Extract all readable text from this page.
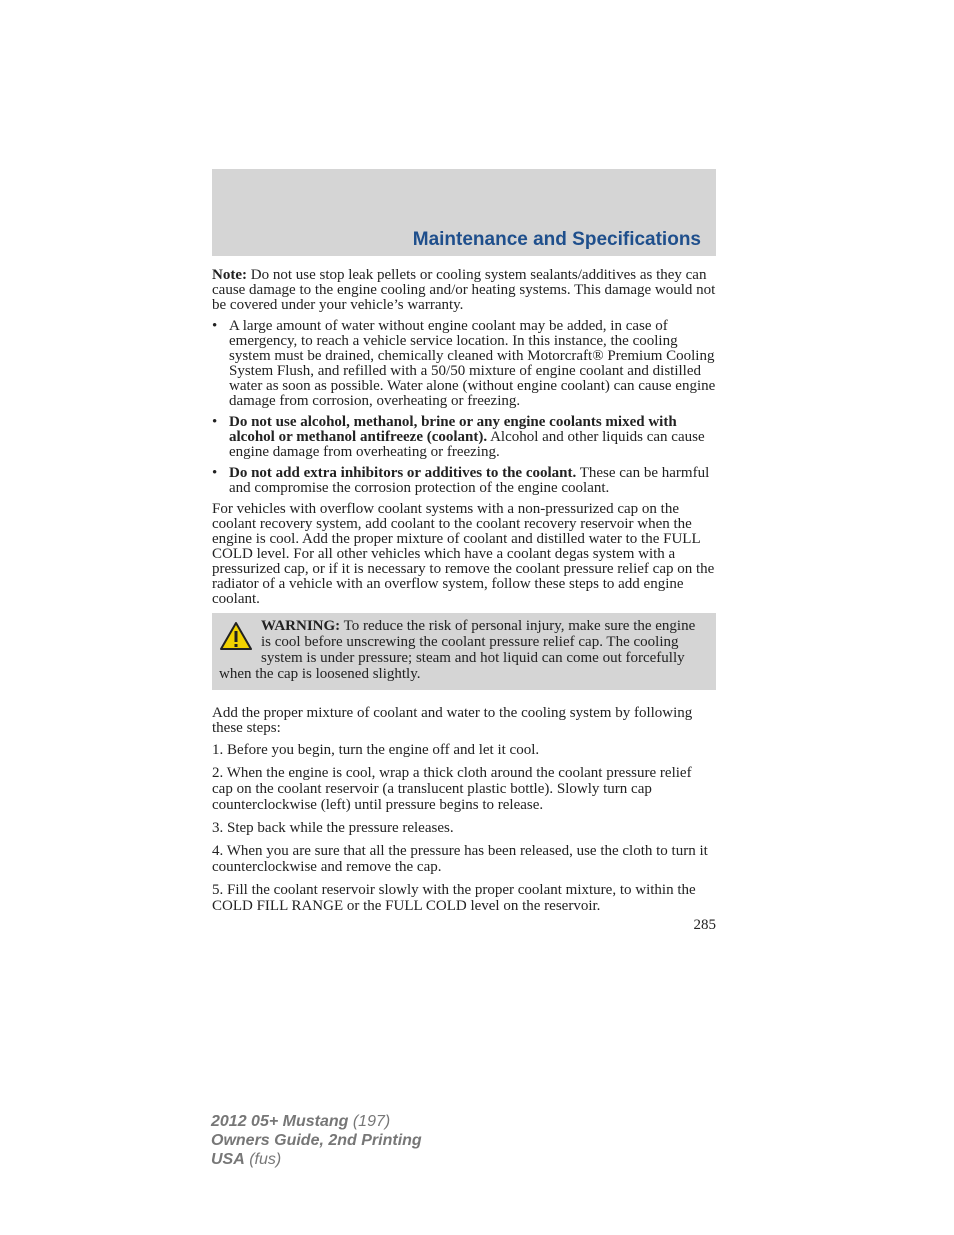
Maintenance and Specifications

Note: Do not use stop leak pellets or cooling system sealants/additives as they can cause damage to the engine cooling and/or heating systems. This damage would not be covered under your vehicle’s warranty.

• A large amount of water without engine coolant may be added, in case of emergency, to reach a vehicle service location. In this instance, the cooling system must be drained, chemically cleaned with Motorcraft® Premium Cooling System Flush, and refilled with a 50/50 mixture of engine coolant and distilled water as soon as possible. Water alone (without engine coolant) can cause engine damage from corrosion, overheating or freezing.
• Do not use alcohol, methanol, brine or any engine coolants mixed with alcohol or methanol antifreeze (coolant). Alcohol and other liquids can cause engine damage from overheating or freezing.
• Do not add extra inhibitors or additives to the coolant. These can be harmful and compromise the corrosion protection of the engine coolant.

For vehicles with overflow coolant systems with a non-pressurized cap on the coolant recovery system, add coolant to the coolant recovery reservoir when the engine is cool. Add the proper mixture of coolant and distilled water to the FULL COLD level. For all other vehicles which have a coolant degas system with a pressurized cap, or if it is necessary to remove the coolant pressure relief cap on the radiator of a vehicle with an overflow system, follow these steps to add engine coolant.

WARNING: To reduce the risk of personal injury, make sure the engine is cool before unscrewing the coolant pressure relief cap. The cooling system is under pressure; steam and hot liquid can come out forcefully when the cap is loosened slightly.

Add the proper mixture of coolant and water to the cooling system by following these steps:

1. Before you begin, turn the engine off and let it cool.

2. When the engine is cool, wrap a thick cloth around the coolant pressure relief cap on the coolant reservoir (a translucent plastic bottle). Slowly turn cap counterclockwise (left) until pressure begins to release.

3. Step back while the pressure releases.

4. When you are sure that all the pressure has been released, use the cloth to turn it counterclockwise and remove the cap.

5. Fill the coolant reservoir slowly with the proper coolant mixture, to within the COLD FILL RANGE or the FULL COLD level on the reservoir.

285
2012 05+ Mustang (197)
Owners Guide, 2nd Printing
USA (fus)
